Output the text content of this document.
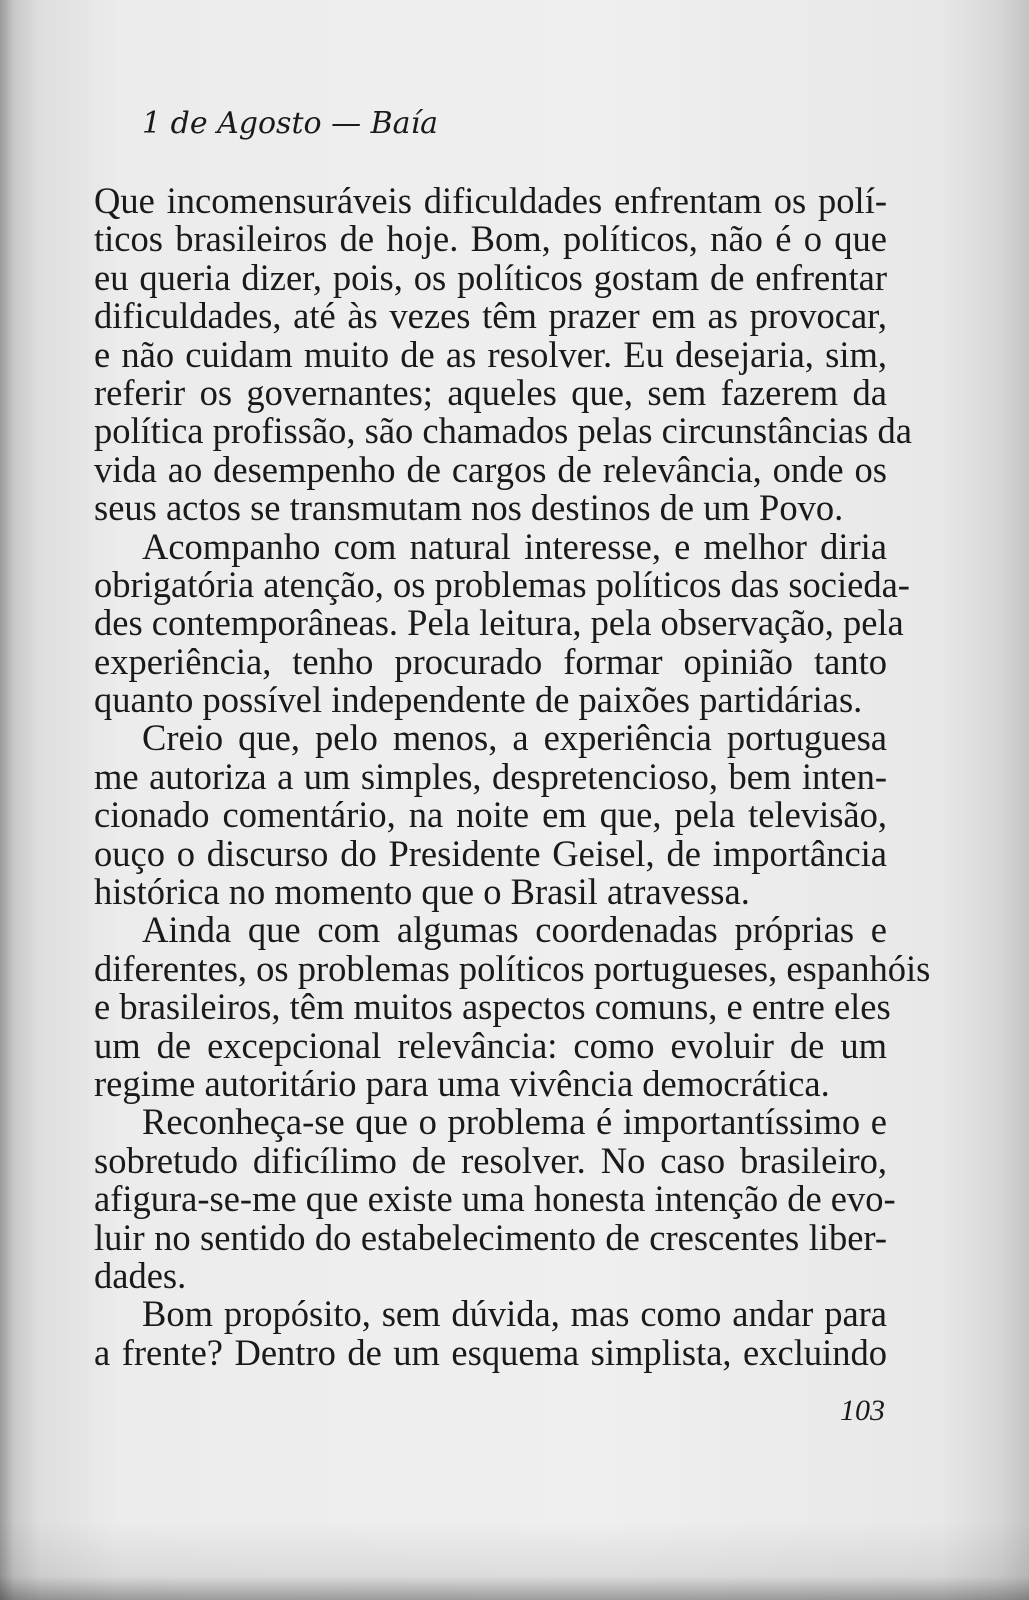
1 de Agosto — Baía
Que incomensuráveis dificuldades enfrentam os polí-
ticos brasileiros de hoje. Bom, políticos, não é o que
eu queria dizer, pois, os políticos gostam de enfrentar
dificuldades, até às vezes têm prazer em as provocar,
e não cuidam muito de as resolver. Eu desejaria, sim,
referir os governantes; aqueles que, sem fazerem da
política profissão, são chamados pelas circunstâncias da
vida ao desempenho de cargos de relevância, onde os
seus actos se transmutam nos destinos de um Povo.
Acompanho com natural interesse, e melhor diria
obrigatória atenção, os problemas políticos das socieda-
des contemporâneas. Pela leitura, pela observação, pela
experiência, tenho procurado formar opinião tanto
quanto possível independente de paixões partidárias.
Creio que, pelo menos, a experiência portuguesa
me autoriza a um simples, despretencioso, bem inten-
cionado comentário, na noite em que, pela televisão,
ouço o discurso do Presidente Geisel, de importância
histórica no momento que o Brasil atravessa.
Ainda que com algumas coordenadas próprias e
diferentes, os problemas políticos portugueses, espanhóis
e brasileiros, têm muitos aspectos comuns, e entre eles
um de excepcional relevância: como evoluir de um
regime autoritário para uma vivência democrática.
Reconheça-se que o problema é importantíssimo e
sobretudo dificílimo de resolver. No caso brasileiro,
afigura-se-me que existe uma honesta intenção de evo-
luir no sentido do estabelecimento de crescentes liber-
dades.
Bom propósito, sem dúvida, mas como andar para
a frente? Dentro de um esquema simplista, excluindo

103
